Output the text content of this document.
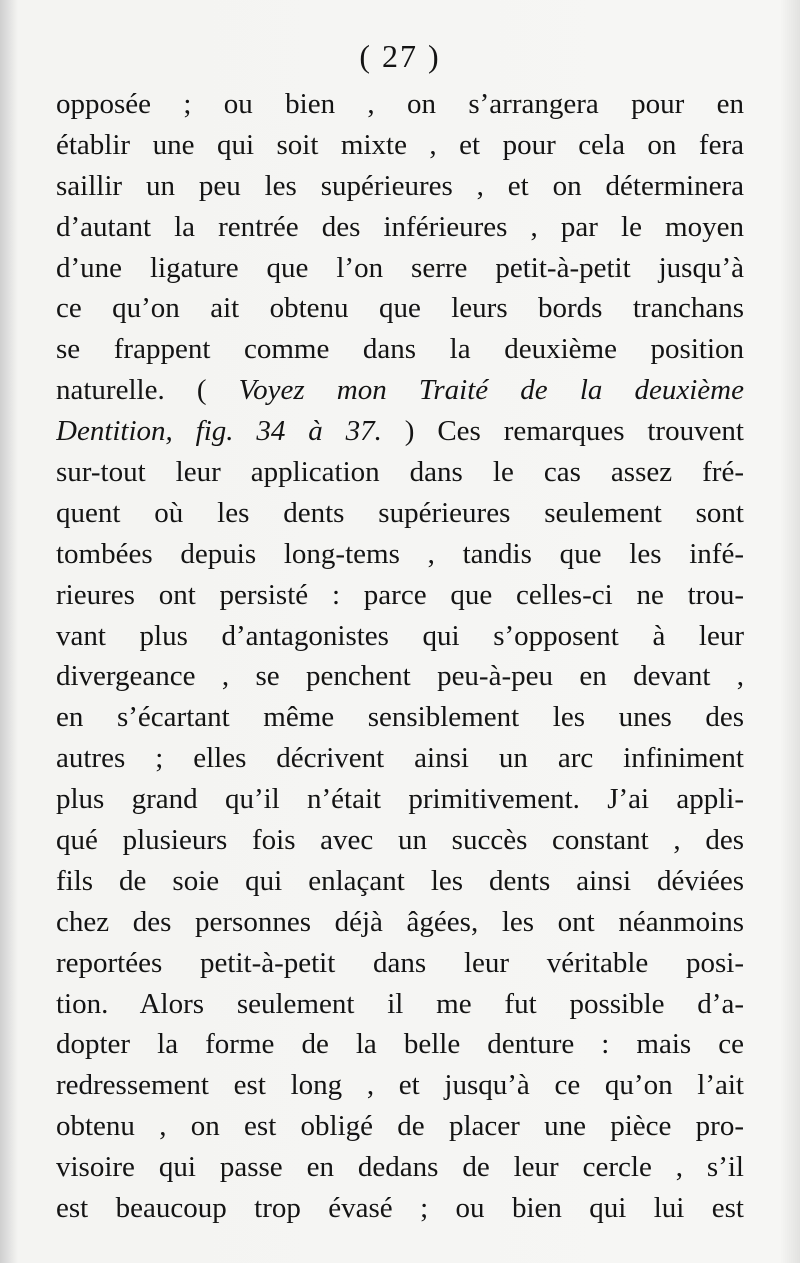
( 27 )
opposée ; ou bien , on s’arrangera pour en
établir une qui soit mixte , et pour cela on fera
saillir un peu les supérieures , et on déterminera
d’autant la rentrée des inférieures , par le moyen
d’une ligature que l’on serre petit-à-petit jusqu’à
ce qu’on ait obtenu que leurs bords tranchans
se frappent comme dans la deuxième position
naturelle. ( Voyez mon Traité de la deuxième
Dentition, fig. 34 à 37. ) Ces remarques trouvent
sur-tout leur application dans le cas assez fré-
quent où les dents supérieures seulement sont
tombées depuis long-tems , tandis que les infé-
rieures ont persisté : parce que celles-ci ne trou-
vant plus d’antagonistes qui s’opposent à leur
divergeance , se penchent peu-à-peu en devant ,
en s’écartant même sensiblement les unes des
autres ; elles décrivent ainsi un arc infiniment
plus grand qu’il n’était primitivement. J’ai appli-
qué plusieurs fois avec un succès constant , des
fils de soie qui enlaçant les dents ainsi déviées
chez des personnes déjà âgées, les ont néanmoins
reportées petit-à-petit dans leur véritable posi-
tion. Alors seulement il me fut possible d’a-
dopter la forme de la belle denture : mais ce
redressement est long , et jusqu’à ce qu’on l’ait
obtenu , on est obligé de placer une pièce pro-
visoire qui passe en dedans de leur cercle , s’il
est beaucoup trop évasé ; ou bien qui lui est
